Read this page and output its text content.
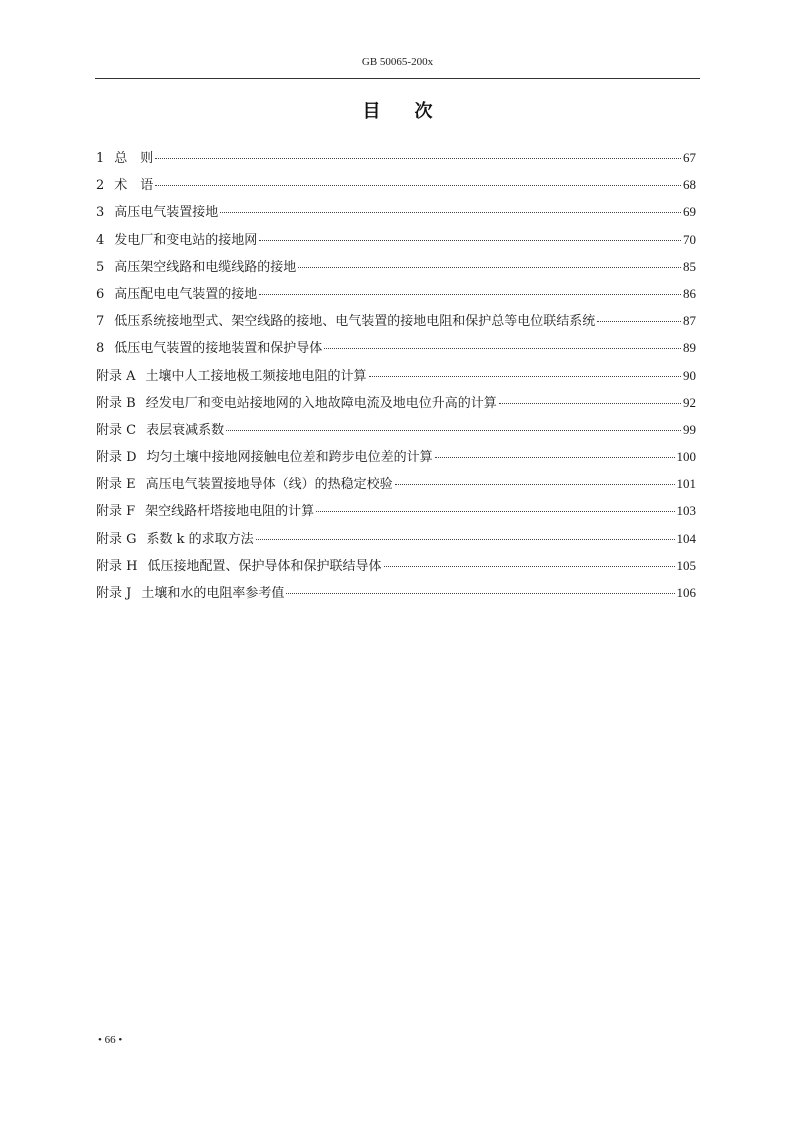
GB 50065-200x
目 次
1 总　则	67
2 术　语	68
3 高压电气装置接地	69
4 发电厂和变电站的接地网	70
5 高压架空线路和电缆线路的接地	85
6 高压配电电气装置的接地	86
7 低压系统接地型式、架空线路的接地、电气装置的接地电阻和保护总等电位联结系统	87
8 低压电气装置的接地装置和保护导体	89
附录 A 土壤中人工接地极工频接地电阻的计算	90
附录 B 经发电厂和变电站接地网的入地故障电流及地电位升高的计算	92
附录 C 表层衰减系数	99
附录 D 均匀土壤中接地网接触电位差和跨步电位差的计算	100
附录 E 高压电气装置接地导体（线）的热稳定校验	101
附录 F 架空线路杆塔接地电阻的计算	103
附录 G 系数 k 的求取方法	104
附录 H 低压接地配置、保护导体和保护联结导体	105
附录 J 土壤和水的电阻率参考值	106
• 66 •
